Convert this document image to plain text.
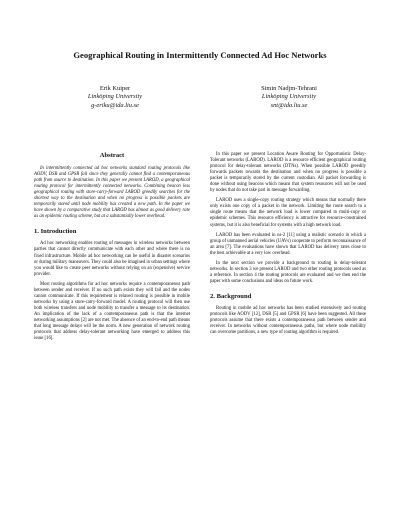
Geographical Routing in Intermittently Connected Ad Hoc Networks
Erik Kuiper
Linköping University
g-eriku@ida.liu.se
Simin Nadjm-Tehrani
Linköping University
snt@ida.liu.se
Abstract

In intermittently connected ad hoc networks standard routing protocols like AODV, DSR and GPSR fail since they generally cannot find a contemporaneous path from source to destination. In this paper we present LAROD, a geographical routing protocol for intermittently connected networks. Combining beacon less geographical routing with store-carry-forward LAROD greedily searches for the shortest way to the destination and when no progress is possible packets are temporarily stored until node mobility has created a new path. In the paper we have shown by a comparative study that LAROD has almost as good delivery rate as an epidemic routing scheme, but at a substantially lower overhead.

1. Introduction

Ad hoc networking enables routing of messages in wireless networks between parties that cannot directly communicate with each other and where there is no fixed infrastructure. Mobile ad hoc networking can be useful in disaster scenarios or during military maneuvers. They could also be imagined in urban settings where you would like to create peer networks without relying on an (expensive) service provider.

Most routing algorithms for ad hoc networks require a contemporaneous path between sender and receiver. If no such path exists they will fail and the nodes cannot communicate. If this requirement is relaxed routing is possible in mobile networks by using a store-carry-forward model. A routing protocol will then use both wireless transfers and node mobility to transfer a message to its destination. An implication of the lack of a contemporaneous path is that the internet networking assumptions [2] are not met. The absence of an end-to-end path means that long message delays will be the norm. A new generation of network routing protocols that address delay-tolerant networking have emerged to address this issue [16].

In this paper we present Location Aware Routing for Opportunistic Delay-Tolerant networks (LAROD). LAROD is a resource efficient geographical routing protocol for delay-tolerant networks (DTNs). When possible LAROD greedily forwards packets towards the destination and when no progress is possible a packet is temporarily stored by the current custodian. All packet forwarding is done without using beacons which means that system resources will not be used by nodes that do not take part in message forwarding.

LAROD uses a single-copy routing strategy which means that normally there only exists one copy of a packet in the network. Limiting the route search to a single route means that the network load is lower compared to multi-copy or epidemic schemes. This resource efficiency is attractive for resource-constrained systems, but it is also beneficial for systems with a high network load.

LAROD has been evaluated in ns-2 [11] using a realistic scenario in which a group of unmanned aerial vehicles (UAVs) cooperate to perform reconnaissance of an area [7]. The evaluations have shown that LAROD has delivery rates close to the best achievable at a very low overhead.

In the next section we provide a background to routing in delay-tolerant networks. In section 3 we present LAROD and two other routing protocols used as a reference. In section 4 the routing protocols are evaluated and we then end the paper with some conclusions and ideas on future work.

2. Background

Routing in mobile ad hoc networks has been studied extensively and routing protocols like AODV [12], DSR [5] and GPSR [6] have been suggested. All these protocols assume that there exists a contemporaneous path between sender and receiver. In networks without contemporaneous paths, but where node mobility can overcome partitions, a new type of routing algorithm is required.
